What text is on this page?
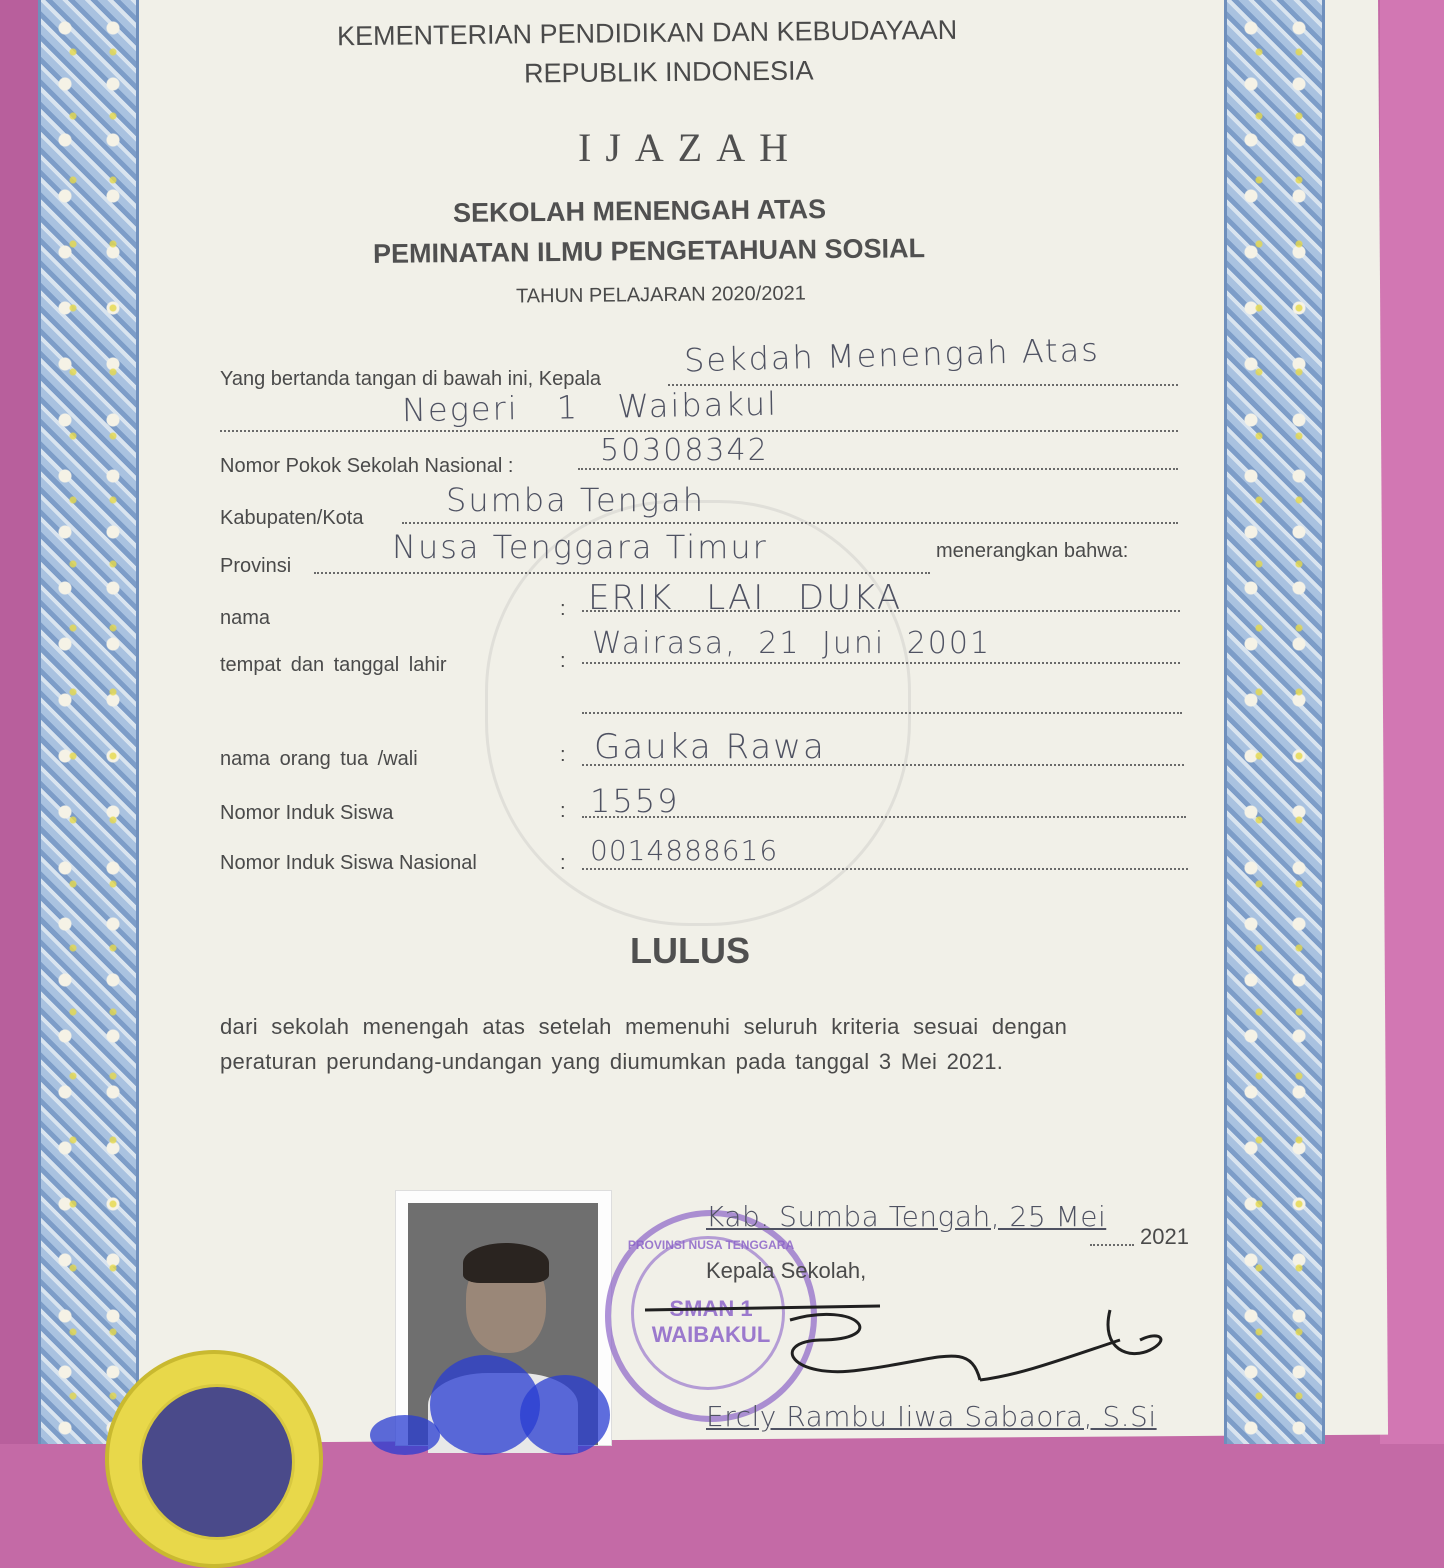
KEMENTERIAN PENDIDIKAN DAN KEBUDAYAAN
REPUBLIK INDONESIA
IJAZAH
SEKOLAH MENENGAH ATAS
PEMINATAN ILMU PENGETAHUAN SOSIAL
TAHUN PELAJARAN 2020/2021
Yang bertanda tangan di bawah ini, Kepala	Sekdah Menengah Atas
Negeri 1 Waibakul
Nomor Pokok Sekolah Nasional :	50308342
Kabupaten/Kota	Sumba Tengah
Provinsi	Nusa Tenggara Timur	menerangkan bahwa:
nama	: ERIK LAI DUKA
tempat dan tanggal lahir	: Wairasa, 21 Juni 2001
nama orang tua /wali	: Gauka Rawa
Nomor Induk Siswa	: 1559
Nomor Induk Siswa Nasional	: 0014888616
LULUS
dari sekolah menengah atas setelah memenuhi seluruh kriteria sesuai dengan
peraturan perundang-undangan yang diumumkan pada tanggal 3 Mei 2021.
PROVINSI NUSA TENGGARA
SMAN 1
WAIBAKUL
Kab. Sumba Tengah, 25 Mei
2021
Kepala Sekolah,
Ercly Rambu Iiwa Sabaora, S.Si
